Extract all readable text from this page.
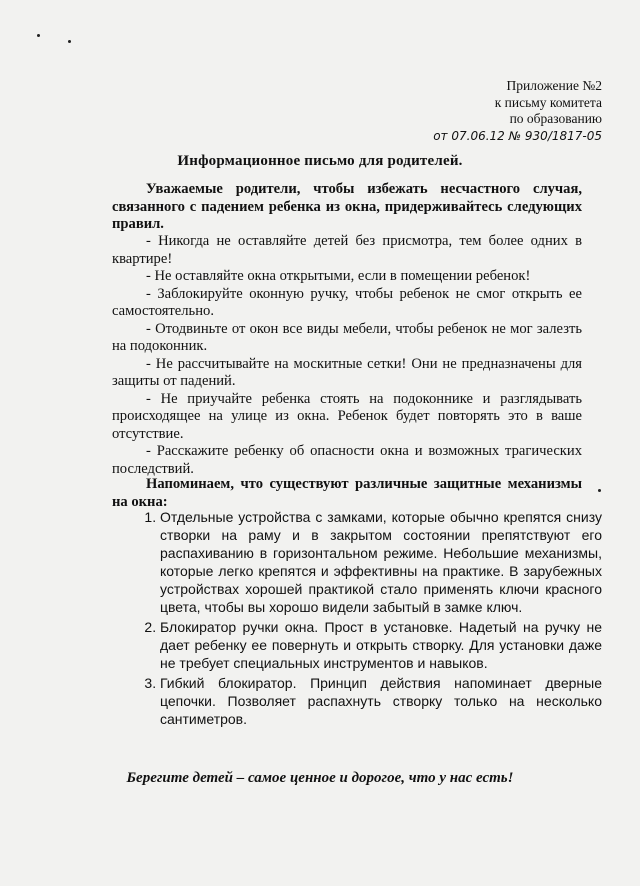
Приложение №2
к письму комитета
по образованию
от 07.06.12 № 930/1817-05
Информационное письмо для родителей.

Уважаемые родители, чтобы избежать несчастного случая, связанного с падением ребенка из окна, придерживайтесь следующих правил.

- Никогда не оставляйте детей без присмотра, тем более одних в квартире!

- Не оставляйте окна открытыми, если в помещении ребенок!

- Заблокируйте оконную ручку, чтобы ребенок не смог открыть ее самостоятельно.

- Отодвиньте от окон все виды мебели, чтобы ребенок не мог залезть на подоконник.

- Не рассчитывайте на москитные сетки! Они не предназначены для защиты от падений.

- Не приучайте ребенка стоять на подоконнике и разглядывать происходящее на улице из окна. Ребенок будет повторять это в ваше отсутствие.

- Расскажите ребенку об опасности окна и возможных трагических последствий.

Напоминаем, что существуют различные защитные механизмы на окна:

1. Отдельные устройства с замками, которые обычно крепятся снизу створки на раму и в закрытом состоянии препятствуют его распахиванию в горизонтальном режиме. Небольшие механизмы, которые легко крепятся и эффективны на практике. В зарубежных устройствах хорошей практикой стало применять ключи красного цвета, чтобы вы хорошо видели забытый в замке ключ.
2. Блокиратор ручки окна. Прост в установке. Надетый на ручку не дает ребенку ее повернуть и открыть створку. Для установки даже не требует специальных инструментов и навыков.
3. Гибкий блокиратор. Принцип действия напоминает дверные цепочки. Позволяет распахнуть створку только на несколько сантиметров.
Берегите детей – самое ценное и дорогое, что у нас есть!
